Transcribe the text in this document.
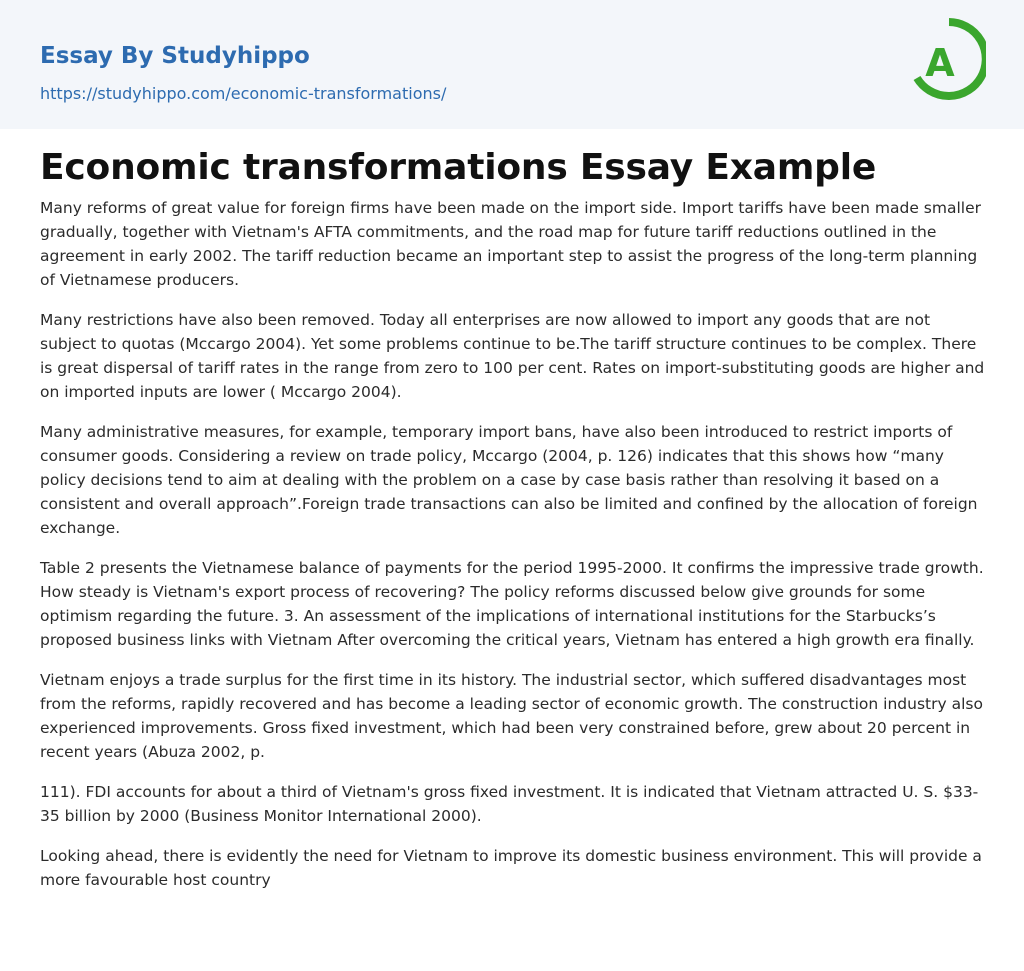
Essay By Studyhippo
https://studyhippo.com/economic-transformations/
A
Economic transformations Essay Example

Many reforms of great value for foreign firms have been made on the import side. Import tariffs have been made smaller gradually, together with Vietnam's AFTA commitments, and the road map for future tariff reductions outlined in the agreement in early 2002. The tariff reduction became an important step to assist the progress of the long-term planning of Vietnamese producers.

Many restrictions have also been removed. Today all enterprises are now allowed to import any goods that are not subject to quotas (Mccargo 2004). Yet some problems continue to be.The tariff structure continues to be complex. There is great dispersal of tariff rates in the range from zero to 100 per cent. Rates on import-substituting goods are higher and on imported inputs are lower ( Mccargo 2004).

Many administrative measures, for example, temporary import bans, have also been introduced to restrict imports of consumer goods. Considering a review on trade policy, Mccargo (2004, p. 126) indicates that this shows how “many policy decisions tend to aim at dealing with the problem on a case by case basis rather than resolving it based on a consistent and overall approach”.Foreign trade transactions can also be limited and confined by the allocation of foreign exchange.

Table 2 presents the Vietnamese balance of payments for the period 1995-2000. It confirms the impressive trade growth. How steady is Vietnam's export process of recovering? The policy reforms discussed below give grounds for some optimism regarding the future. 3. An assessment of the implications of international institutions for the Starbucks’s proposed business links with Vietnam After overcoming the critical years, Vietnam has entered a high growth era finally.

Vietnam enjoys a trade surplus for the first time in its history. The industrial sector, which suffered disadvantages most from the reforms, rapidly recovered and has become a leading sector of economic growth. The construction industry also experienced improvements. Gross fixed investment, which had been very constrained before, grew about 20 percent in recent years (Abuza 2002, p.

111). FDI accounts for about a third of Vietnam's gross fixed investment. It is indicated that Vietnam attracted U. S. $33-35 billion by 2000 (Business Monitor International 2000).

Looking ahead, there is evidently the need for Vietnam to improve its domestic business environment. This will provide a more favourable host country
